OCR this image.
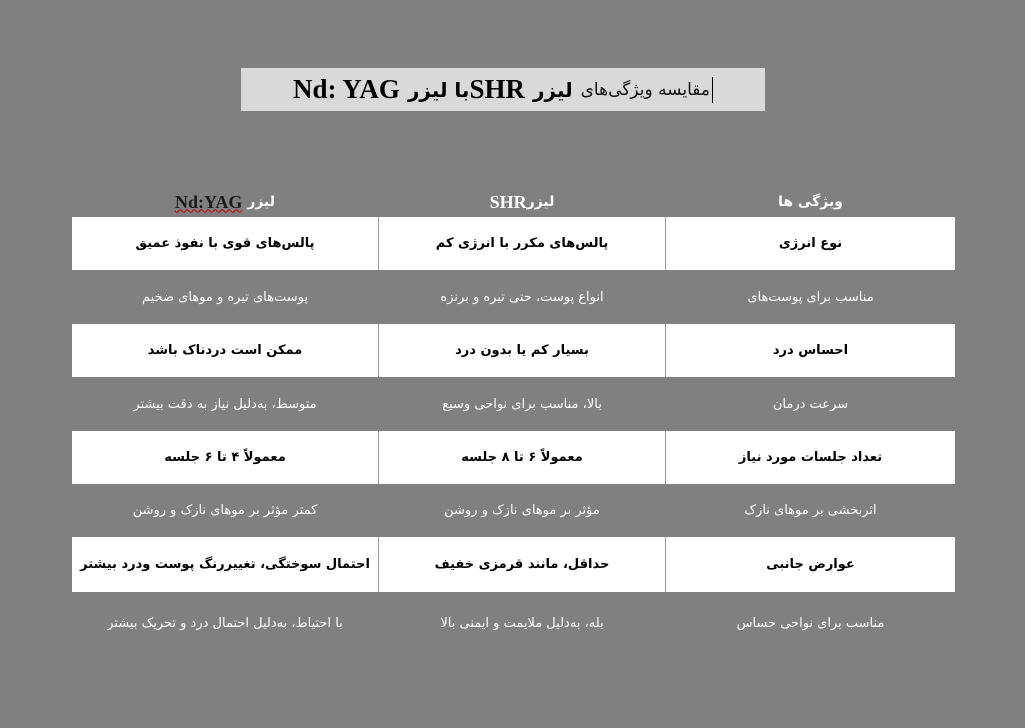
مقایسه ویژگی‌های
لیزر
SHR
با لیزر
Nd: YAG
ویژگی ها
لیزر
SHR
لیزر

Nd:YAG
نوع انرژی
پالس‌های مکرر با انرژی کم
پالس‌های قوی با نفوذ عمیق
مناسب برای پوست‌های
انواع پوست، حتی تیره و برنزه
پوست‌های تیره و موهای ضخیم
احساس درد
بسیار کم یا بدون درد
ممکن است دردناک باشد
سرعت درمان
بالا، مناسب برای نواحی وسیع
متوسط، به‌دلیل نیاز به دقت بیشتر
تعداد جلسات مورد نیاز
معمولاً ۶ تا ۸ جلسه
معمولاً ۴ تا ۶ جلسه
اثربخشی بر موهای نازک
مؤثر بر موهای نازک و روشن
کمتر مؤثر بر موهای نازک و روشن
عوارض جانبی
حداقل، مانند قرمزی خفیف
احتمال سوختگی، تغییررنگ پوست ودرد بیشتر
مناسب برای نواحی حساس
بله، به‌دلیل ملایمت و ایمنی بالا
با احتیاط، به‌دلیل احتمال درد و تحریک بیشتر
